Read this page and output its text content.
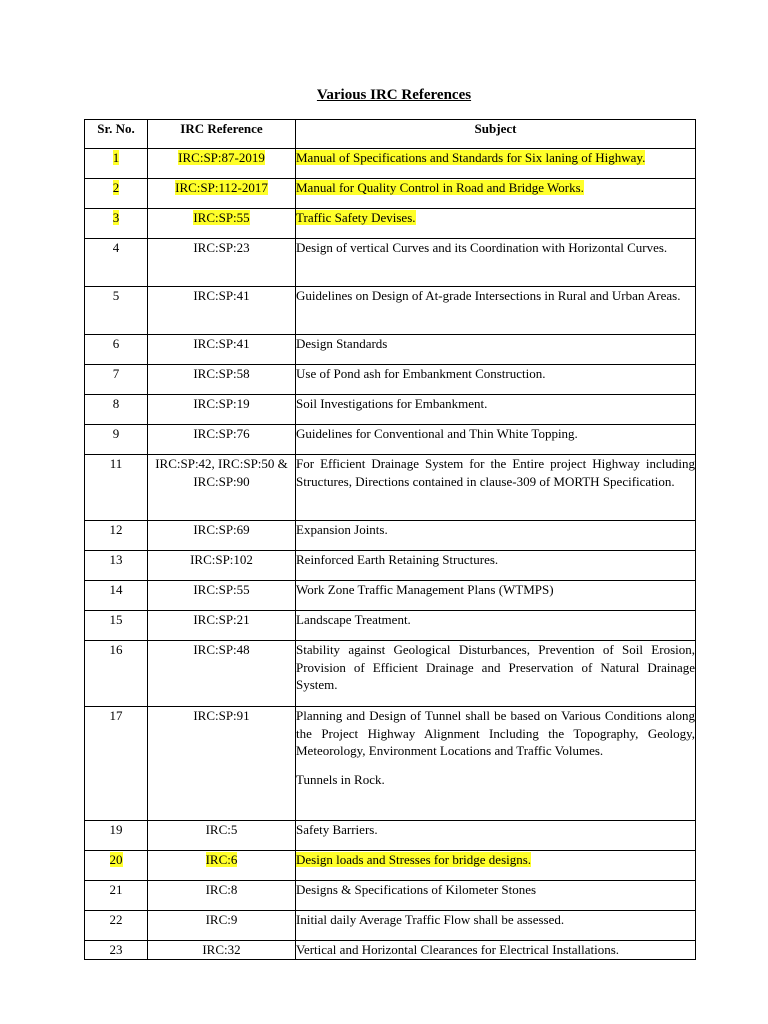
Various IRC References
Sr. No.	IRC Reference	Subject

1	IRC:SP:87-2019	Manual of Specifications and Standards for Six laning of Highway.
2	IRC:SP:112-2017	Manual for Quality Control in Road and Bridge Works.
3	IRC:SP:55	Traffic Safety Devises.
4	IRC:SP:23	Design of vertical Curves and its Coordination with Horizontal Curves.
5	IRC:SP:41	Guidelines on Design of At-grade Intersections in Rural and Urban Areas.
6	IRC:SP:41	Design Standards
7	IRC:SP:58	Use of Pond ash for Embankment Construction.
8	IRC:SP:19	Soil Investigations for Embankment.
9	IRC:SP:76	Guidelines for Conventional and Thin White Topping.
11	IRC:SP:42, IRC:SP:50 & IRC:SP:90	For Efficient Drainage System for the Entire project Highway including Structures, Directions contained in clause-309 of MORTH Specification.
12	IRC:SP:69	Expansion Joints.
13	IRC:SP:102	Reinforced Earth Retaining Structures.
14	IRC:SP:55	Work Zone Traffic Management Plans (WTMPS)
15	IRC:SP:21	Landscape Treatment.
16	IRC:SP:48	Stability against Geological Disturbances, Prevention of Soil Erosion, Provision of Efficient Drainage and Preservation of Natural Drainage System.
17	IRC:SP:91	Planning and Design of Tunnel shall be based on Various Conditions along the Project Highway Alignment Including the Topography, Geology, Meteorology, Environment Locations and Traffic Volumes.
Tunnels in Rock.

19	IRC:5	Safety Barriers.
20	IRC:6	Design loads and Stresses for bridge designs.
21	IRC:8	Designs & Specifications of Kilometer Stones
22	IRC:9	Initial daily Average Traffic Flow shall be assessed.
23	IRC:32	Vertical and Horizontal Clearances for Electrical Installations.
